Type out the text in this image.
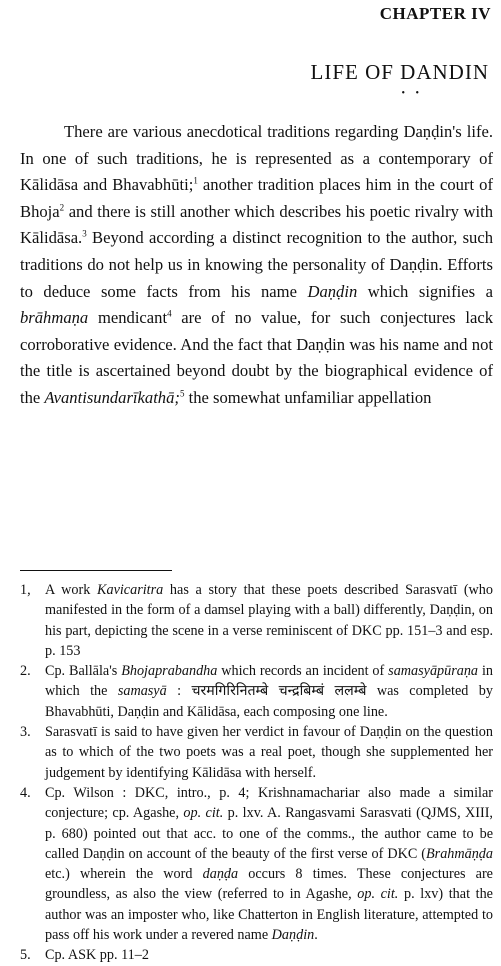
CHAPTER IV
LIFE OF DANDIN
• •

There are various anecdotical traditions regarding Daṇḍin's life. In one of such traditions, he is represented as a contemporary of Kālidāsa and Bhavabhūti;$^1$ another tradition places him in the court of Bhoja$^2$ and there is still another which describes his poetic rivalry with Kālidāsa.$^3$ Beyond according a distinct recognition to the author, such traditions do not help us in knowing the personality of Daṇḍin. Efforts to deduce some facts from his name Daṇḍin which signifies a brāhmaṇa mendicant$^4$ are of no value, for such conjectures lack corroborative evidence. And the fact that Daṇḍin was his name and not the title is ascertained beyond doubt by the biographical evidence of the Avantisundarīkathā;$^5$ the somewhat unfamiliar appellation

1,	A work Kavicaritra has a story that these poets described Sarasvatī (who manifested in the form of a damsel playing with a ball) differently, Daṇḍin, on his part, depicting the scene in a verse reminiscent of DKC pp. 151–3 and esp. p. 153
2.	Cp. Ballāla's Bhojaprabandha which records an incident of samasyāpūraṇa in which the samasyā : चरमगिरिनितम्बे चन्द्रबिम्बं ललम्बे was completed by Bhavabhūti, Daṇḍin and Kālidāsa, each composing one line.
3.	Sarasvatī is said to have given her verdict in favour of Daṇḍin on the question as to which of the two poets was a real poet, though she supplemented her judgement by identifying Kālidāsa with herself.
4.	Cp. Wilson : DKC, intro., p. 4; Krishnamachariar also made a similar conjecture; cp. Agashe, op. cit. p. lxv. A. Rangasvami Sarasvati (QJMS, XIII, p. 680) pointed out that acc. to one of the comms., the author came to be called Daṇḍin on account of the beauty of the first verse of DKC (Brahmāṇḍa etc.) wherein the word daṇḍa occurs 8 times. These conjectures are groundless, as also the view (referred to in Agashe, op. cit. p. lxv) that the author was an imposter who, like Chatterton in English literature, attempted to pass off his work under a revered name Daṇḍin.
5.	Cp. ASK pp. 11–2
